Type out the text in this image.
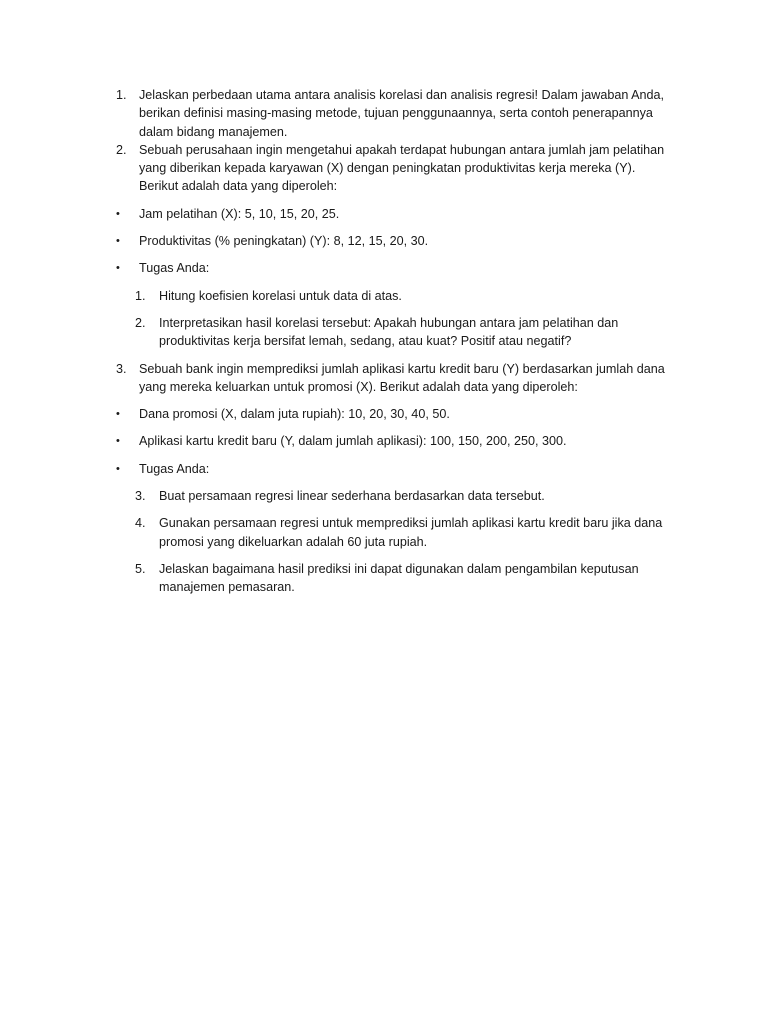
1. Jelaskan perbedaan utama antara analisis korelasi dan analisis regresi! Dalam jawaban Anda, berikan definisi masing-masing metode, tujuan penggunaannya, serta contoh penerapannya dalam bidang manajemen.
2. Sebuah perusahaan ingin mengetahui apakah terdapat hubungan antara jumlah jam pelatihan yang diberikan kepada karyawan (X) dengan peningkatan produktivitas kerja mereka (Y). Berikut adalah data yang diperoleh:
• Jam pelatihan (X): 5, 10, 15, 20, 25.
• Produktivitas (% peningkatan) (Y): 8, 12, 15, 20, 30.
• Tugas Anda:
1. Hitung koefisien korelasi untuk data di atas.
2. Interpretasikan hasil korelasi tersebut: Apakah hubungan antara jam pelatihan dan produktivitas kerja bersifat lemah, sedang, atau kuat? Positif atau negatif?
3. Sebuah bank ingin memprediksi jumlah aplikasi kartu kredit baru (Y) berdasarkan jumlah dana yang mereka keluarkan untuk promosi (X). Berikut adalah data yang diperoleh:
• Dana promosi (X, dalam juta rupiah): 10, 20, 30, 40, 50.
• Aplikasi kartu kredit baru (Y, dalam jumlah aplikasi): 100, 150, 200, 250, 300.
• Tugas Anda:
3. Buat persamaan regresi linear sederhana berdasarkan data tersebut.
4. Gunakan persamaan regresi untuk memprediksi jumlah aplikasi kartu kredit baru jika dana promosi yang dikeluarkan adalah 60 juta rupiah.
5. Jelaskan bagaimana hasil prediksi ini dapat digunakan dalam pengambilan keputusan manajemen pemasaran.
